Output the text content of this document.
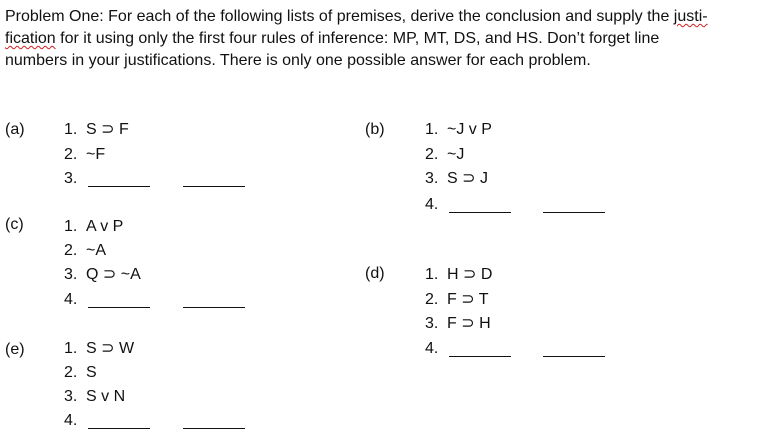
Problem One: For each of the following lists of premises, derive the conclusion and supply the justi-

fication for it using only the first four rules of inference: MP, MT, DS, and HS. Don’t forget line

numbers in your justifications. There is only one possible answer for each problem.

(a) 1. S ⊃ F
2. ~F
3.
(b)	1. ~J v P
2. ~J
3. S ⊃ J
4.
(c)	1. A v P
2. ~A
3. Q ⊃ ~A
4.
(d)	1. H ⊃ D
2. F ⊃ T
3. F ⊃ H
4.
(e) 1. S ⊃ W
2. S
3. S v N
4.
